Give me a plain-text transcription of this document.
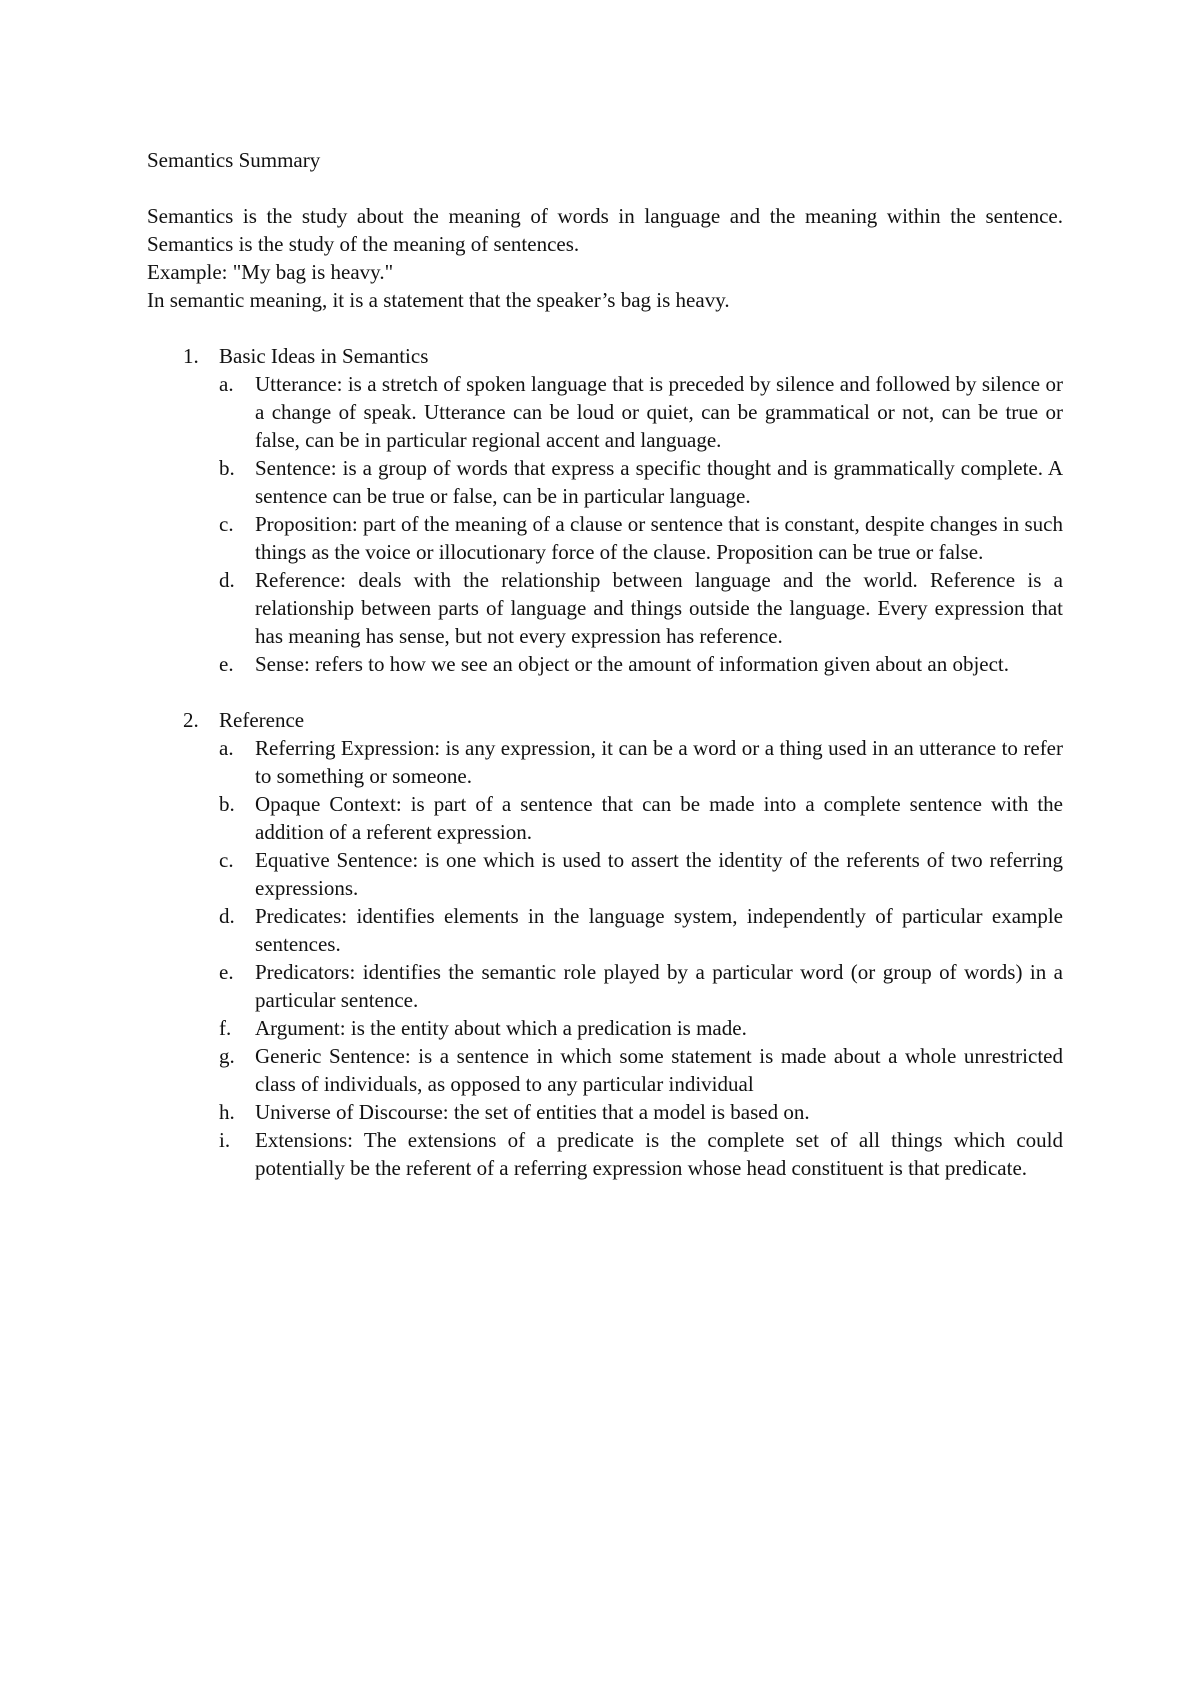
Semantics Summary

Semantics is the study about the meaning of words in language and the meaning within the sentence. Semantics is the study of the meaning of sentences.

Example: "My bag is heavy."

In semantic meaning, it is a statement that the speaker’s bag is heavy.

1. Basic Ideas in Semantics
a. Utterance: is a stretch of spoken language that is preceded by silence and followed by silence or a change of speak. Utterance can be loud or quiet, can be grammatical or not, can be true or false, can be in particular regional accent and language.
b. Sentence: is a group of words that express a specific thought and is grammatically complete. A sentence can be true or false, can be in particular language.
c. Proposition: part of the meaning of a clause or sentence that is constant, despite changes in such things as the voice or illocutionary force of the clause. Proposition can be true or false.
d. Reference: deals with the relationship between language and the world. Reference is a relationship between parts of language and things outside the language. Every expression that has meaning has sense, but not every expression has reference.
e. Sense: refers to how we see an object or the amount of information given about an object.
2. Reference
a. Referring Expression: is any expression, it can be a word or a thing used in an utterance to refer to something or someone.
b. Opaque Context: is part of a sentence that can be made into a complete sentence with the addition of a referent expression.
c. Equative Sentence: is one which is used to assert the identity of the referents of two referring expressions.
d. Predicates: identifies elements in the language system, independently of particular example sentences.
e. Predicators: identifies the semantic role played by a particular word (or group of words) in a particular sentence.
f. Argument: is the entity about which a predication is made.
g. Generic Sentence: is a sentence in which some statement is made about a whole unrestricted class of individuals, as opposed to any particular individual
h. Universe of Discourse: the set of entities that a model is based on.
i. Extensions: The extensions of a predicate is the complete set of all things which could potentially be the referent of a referring expression whose head constituent is that predicate.
